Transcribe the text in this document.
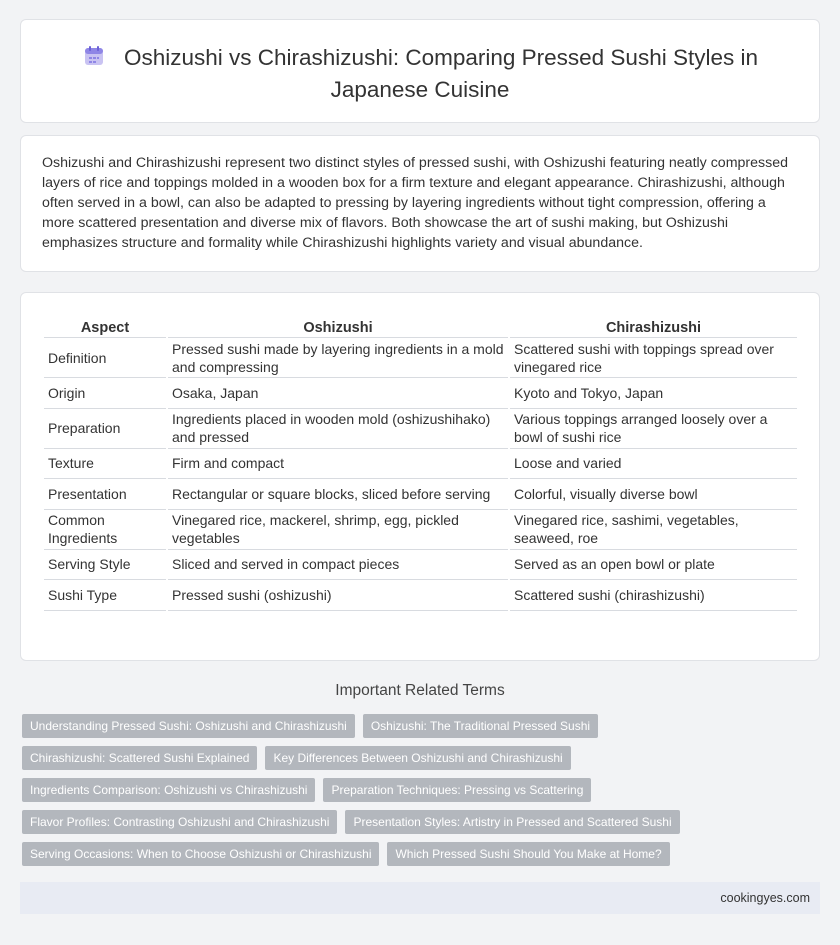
Oshizushi vs Chirashizushi: Comparing Pressed Sushi Styles in Japanese Cuisine

Oshizushi and Chirashizushi represent two distinct styles of pressed sushi, with Oshizushi featuring neatly compressed layers of rice and toppings molded in a wooden box for a firm texture and elegant appearance. Chirashizushi, although often served in a bowl, can also be adapted to pressing by layering ingredients without tight compression, offering a more scattered presentation and diverse mix of flavors. Both showcase the art of sushi making, but Oshizushi emphasizes structure and formality while Chirashizushi highlights variety and visual abundance.

Aspect	Oshizushi	Chirashizushi
Definition	Pressed sushi made by layering ingredients in a mold and compressing	Scattered sushi with toppings spread over vinegared rice
Origin	Osaka, Japan	Kyoto and Tokyo, Japan
Preparation	Ingredients placed in wooden mold (oshizushihako) and pressed	Various toppings arranged loosely over a bowl of sushi rice
Texture	Firm and compact	Loose and varied
Presentation	Rectangular or square blocks, sliced before serving	Colorful, visually diverse bowl
Common Ingredients	Vinegared rice, mackerel, shrimp, egg, pickled vegetables	Vinegared rice, sashimi, vegetables, seaweed, roe
Serving Style	Sliced and served in compact pieces	Served as an open bowl or plate
Sushi Type	Pressed sushi (oshizushi)	Scattered sushi (chirashizushi)
Important Related Terms
Understanding Pressed Sushi: Oshizushi and Chirashizushi	Oshizushi: The Traditional Pressed Sushi
Chirashizushi: Scattered Sushi Explained	Key Differences Between Oshizushi and Chirashizushi
Ingredients Comparison: Oshizushi vs Chirashizushi	Preparation Techniques: Pressing vs Scattering
Flavor Profiles: Contrasting Oshizushi and Chirashizushi	Presentation Styles: Artistry in Pressed and Scattered Sushi
Serving Occasions: When to Choose Oshizushi or Chirashizushi	Which Pressed Sushi Should You Make at Home?
cookingyes.com
